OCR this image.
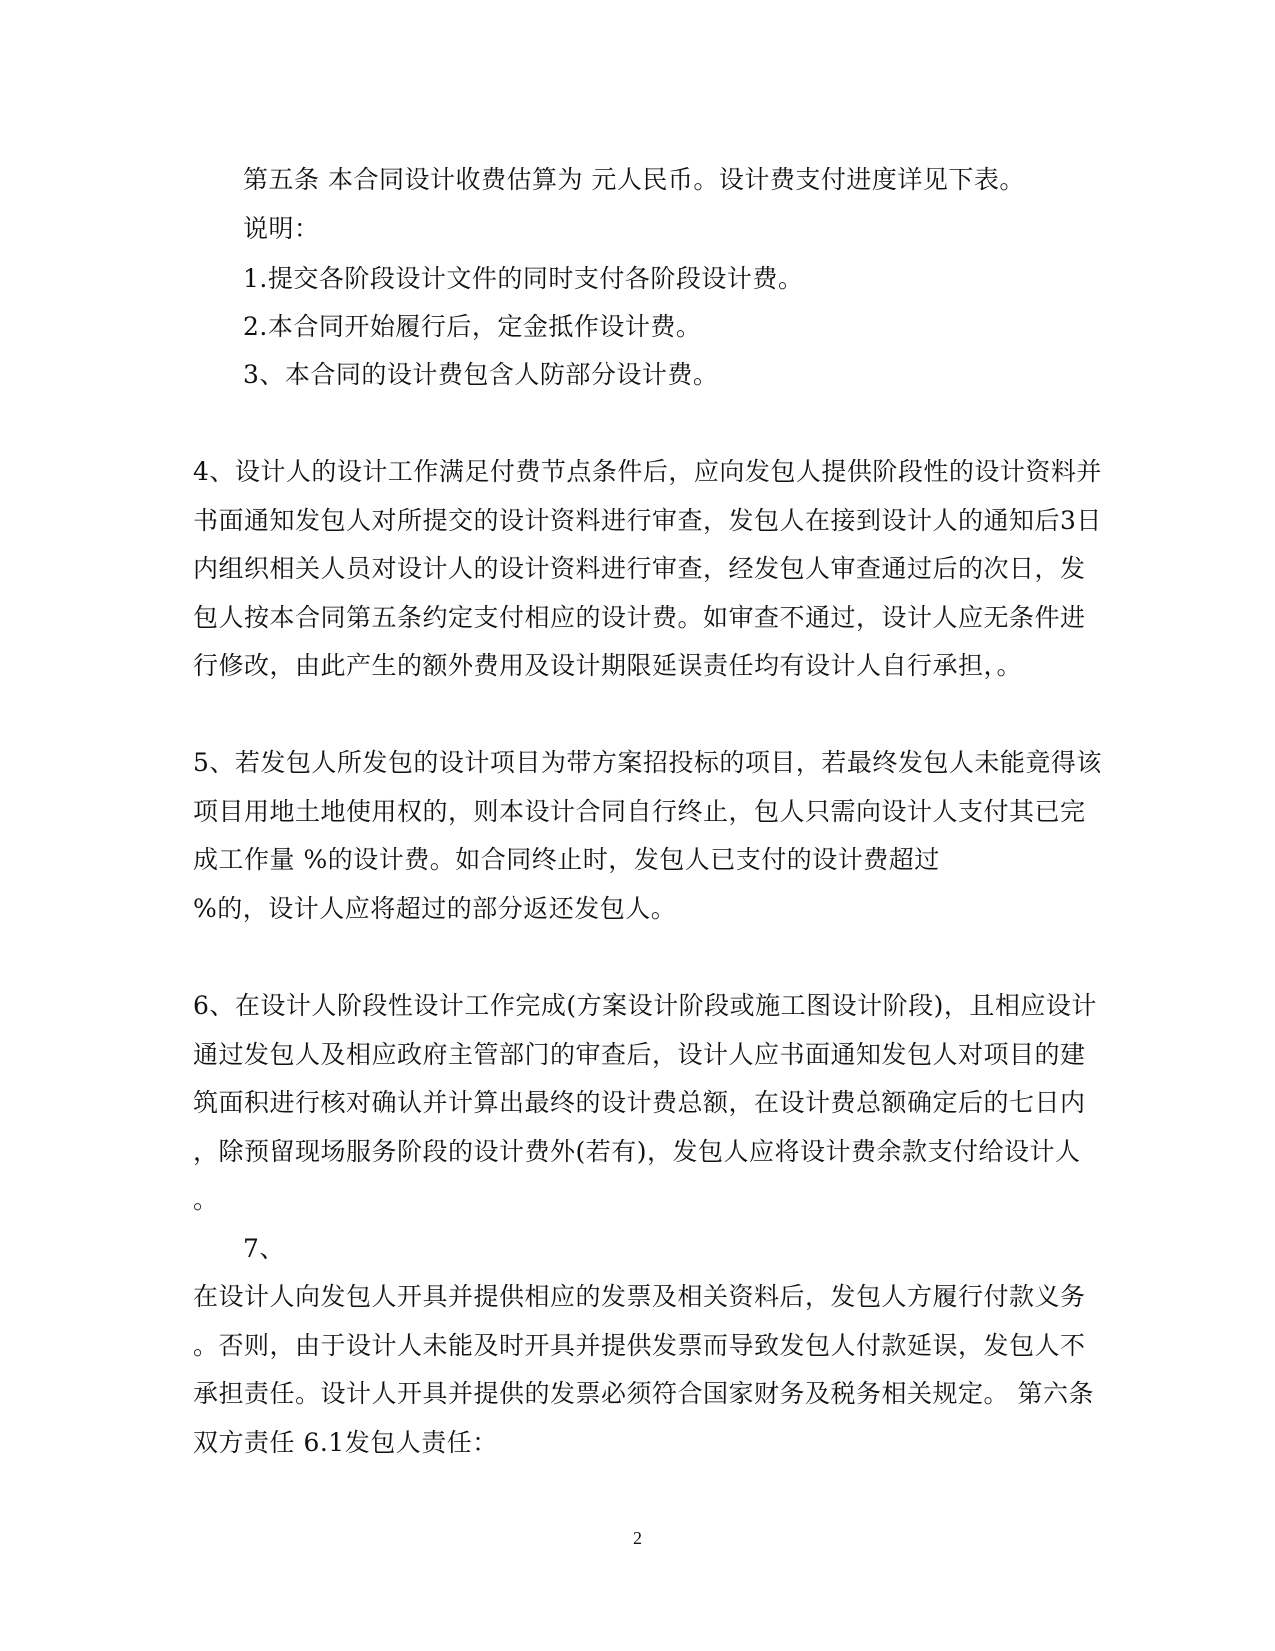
第五条 本合同设计收费估算为 元人民币。设计费支付进度详见下表。
说明：
1.提交各阶段设计文件的同时支付各阶段设计费。
2.本合同开始履行后，定金抵作设计费。
3、本合同的设计费包含人防部分设计费。
4、设计人的设计工作满足付费节点条件后，应向发包人提供阶段性的设计资料并
书面通知发包人对所提交的设计资料进行审查，发包人在接到设计人的通知后3日
内组织相关人员对设计人的设计资料进行审查，经发包人审查通过后的次日，发
包人按本合同第五条约定支付相应的设计费。如审查不通过，设计人应无条件进
行修改，由此产生的额外费用及设计期限延误责任均有设计人自行承担，。
5、若发包人所发包的设计项目为带方案招投标的项目，若最终发包人未能竟得该
项目用地土地使用权的，则本设计合同自行终止，包人只需向设计人支付其已完
成工作量 %的设计费。如合同终止时，发包人已支付的设计费超过
%的，设计人应将超过的部分返还发包人。
6、在设计人阶段性设计工作完成(方案设计阶段或施工图设计阶段)，且相应设计
通过发包人及相应政府主管部门的审查后，设计人应书面通知发包人对项目的建
筑面积进行核对确认并计算出最终的设计费总额，在设计费总额确定后的七日内
，除预留现场服务阶段的设计费外(若有)，发包人应将设计费余款支付给设计人
。
7、
在设计人向发包人开具并提供相应的发票及相关资料后，发包人方履行付款义务
。否则，由于设计人未能及时开具并提供发票而导致发包人付款延误，发包人不
承担责任。设计人开具并提供的发票必须符合国家财务及税务相关规定。 第六条
双方责任 6.1发包人责任：
2
